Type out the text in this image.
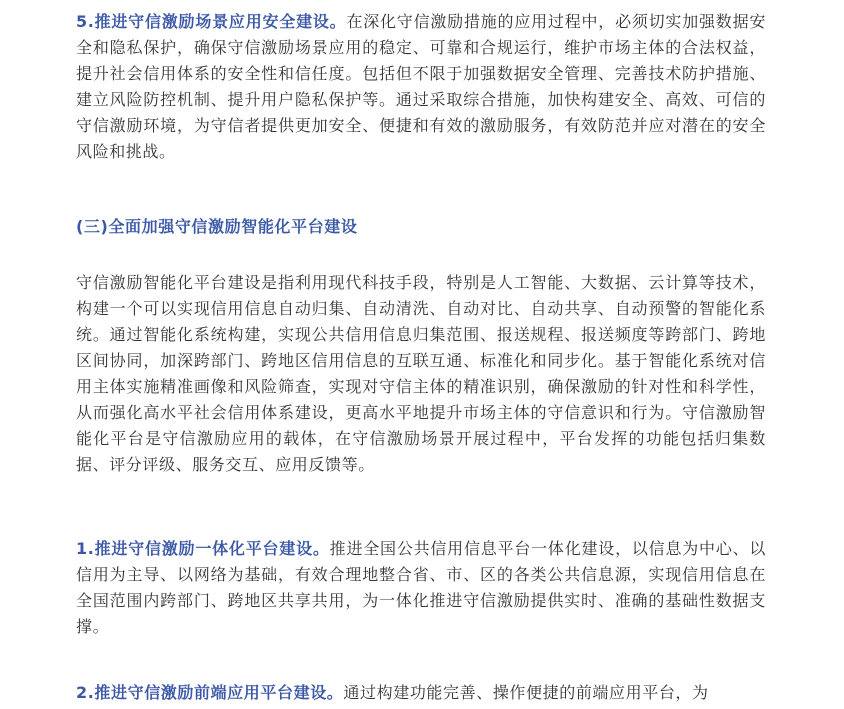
5.推进守信激励场景应用安全建设。在深化守信激励措施的应用过程中，必须切实加强数据安全和隐私保护，确保守信激励场景应用的稳定、可靠和合规运行，维护市场主体的合法权益，提升社会信用体系的安全性和信任度。包括但不限于加强数据安全管理、完善技术防护措施、建立风险防控机制、提升用户隐私保护等。通过采取综合措施，加快构建安全、高效、可信的守信激励环境，为守信者提供更加安全、便捷和有效的激励服务，有效防范并应对潜在的安全风险和挑战。

(三)全面加强守信激励智能化平台建设

守信激励智能化平台建设是指利用现代科技手段，特别是人工智能、大数据、云计算等技术，构建一个可以实现信用信息自动归集、自动清洗、自动对比、自动共享、自动预警的智能化系统。通过智能化系统构建，实现公共信用信息归集范围、报送规程、报送频度等跨部门、跨地区间协同，加深跨部门、跨地区信用信息的互联互通、标准化和同步化。基于智能化系统对信用主体实施精准画像和风险筛查，实现对守信主体的精准识别，确保激励的针对性和科学性，从而强化高水平社会信用体系建设，更高水平地提升市场主体的守信意识和行为。守信激励智能化平台是守信激励应用的载体，在守信激励场景开展过程中，平台发挥的功能包括归集数据、评分评级、服务交互、应用反馈等。

1.推进守信激励一体化平台建设。推进全国公共信用信息平台一体化建设，以信息为中心、以信用为主导、以网络为基础，有效合理地整合省、市、区的各类公共信息源，实现信用信息在全国范围内跨部门、跨地区共享共用，为一体化推进守信激励提供实时、准确的基础性数据支撑。

2.推进守信激励前端应用平台建设。通过构建功能完善、操作便捷的前端应用平台，为
